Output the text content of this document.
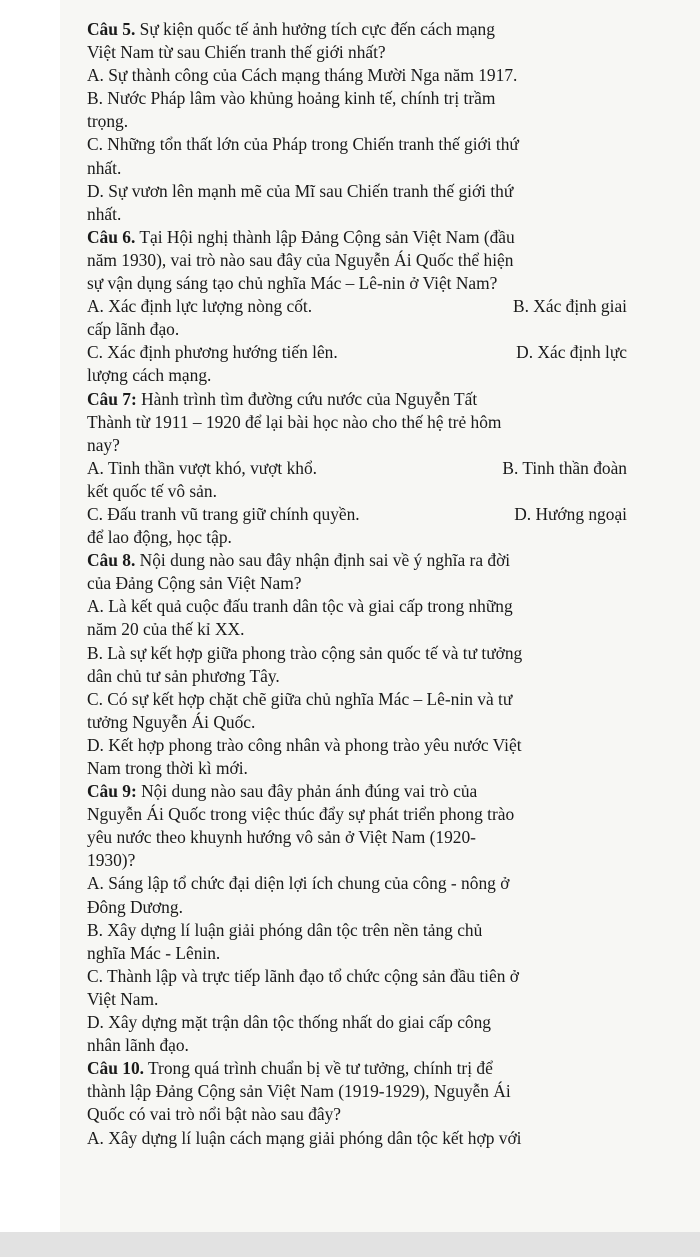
Câu 5. Sự kiện quốc tế ảnh hưởng tích cực đến cách mạng

Việt Nam từ sau Chiến tranh thế giới nhất?

A. Sự thành công của Cách mạng tháng Mười Nga năm 1917.

B. Nước Pháp lâm vào khủng hoảng kinh tế, chính trị trầm

trọng.

C. Những tổn thất lớn của Pháp trong Chiến tranh thế giới thứ

nhất.

D. Sự vươn lên mạnh mẽ của Mĩ sau Chiến tranh thế giới thứ

nhất.

Câu 6. Tại Hội nghị thành lập Đảng Cộng sản Việt Nam (đầu

năm 1930), vai trò nào sau đây của Nguyễn Ái Quốc thể hiện

sự vận dụng sáng tạo chủ nghĩa Mác – Lê-nin ở Việt Nam?

A. Xác định lực lượng nòng cốt.	B. Xác định giai

cấp lãnh đạo.

C. Xác định phương hướng tiến lên.	D. Xác định lực

lượng cách mạng.

Câu 7: Hành trình tìm đường cứu nước của Nguyễn Tất

Thành từ 1911 – 1920 để lại bài học nào cho thế hệ trẻ hôm

nay?

A. Tinh thần vượt khó, vượt khổ.	B. Tinh thần đoàn

kết quốc tế vô sản.

C. Đấu tranh vũ trang giữ chính quyền.	D. Hướng ngoại

để lao động, học tập.

Câu 8. Nội dung nào sau đây nhận định sai về ý nghĩa ra đời

của Đảng Cộng sản Việt Nam?

A. Là kết quả cuộc đấu tranh dân tộc và giai cấp trong những

năm 20 của thế kỉ XX.

B. Là sự kết hợp giữa phong trào cộng sản quốc tế và tư tưởng

dân chủ tư sản phương Tây.

C. Có sự kết hợp chặt chẽ giữa chủ nghĩa Mác – Lê-nin và tư

tưởng Nguyễn Ái Quốc.

D. Kết hợp phong trào công nhân và phong trào yêu nước Việt

Nam trong thời kì mới.

Câu 9: Nội dung nào sau đây phản ánh đúng vai trò của

Nguyễn Ái Quốc trong việc thúc đẩy sự phát triển phong trào

yêu nước theo khuynh hướng vô sản ở Việt Nam (1920-

1930)?

A. Sáng lập tổ chức đại diện lợi ích chung của công - nông ở

Đông Dương.

B. Xây dựng lí luận giải phóng dân tộc trên nền tảng chủ

nghĩa Mác - Lênin.

C. Thành lập và trực tiếp lãnh đạo tổ chức cộng sản đầu tiên ở

Việt Nam.

D. Xây dựng mặt trận dân tộc thống nhất do giai cấp công

nhân lãnh đạo.

Câu 10. Trong quá trình chuẩn bị về tư tưởng, chính trị để

thành lập Đảng Cộng sản Việt Nam (1919-1929), Nguyễn Ái

Quốc có vai trò nổi bật nào sau đây?

A. Xây dựng lí luận cách mạng giải phóng dân tộc kết hợp với
